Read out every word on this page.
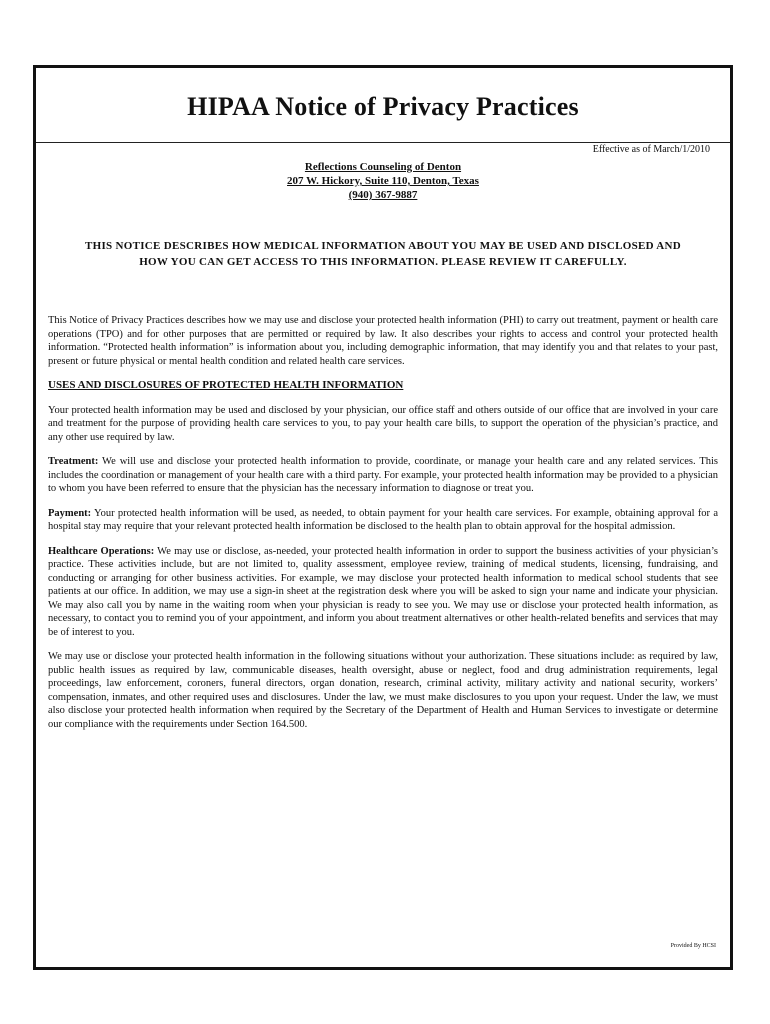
HIPAA Notice of Privacy Practices
Effective as of March/1/2010
Reflections Counseling of Denton
207 W. Hickory, Suite 110, Denton, Texas
(940) 367-9887
THIS NOTICE DESCRIBES HOW MEDICAL INFORMATION ABOUT YOU MAY BE USED AND DISCLOSED AND HOW YOU CAN GET ACCESS TO THIS INFORMATION. PLEASE REVIEW IT CAREFULLY.

This Notice of Privacy Practices describes how we may use and disclose your protected health information (PHI) to carry out treatment, payment or health care operations (TPO) and for other purposes that are permitted or required by law. It also describes your rights to access and control your protected health information. “Protected health information” is information about you, including demographic information, that may identify you and that relates to your past, present or future physical or mental health condition and related health care services.

USES AND DISCLOSURES OF PROTECTED HEALTH INFORMATION

Your protected health information may be used and disclosed by your physician, our office staff and others outside of our office that are involved in your care and treatment for the purpose of providing health care services to you, to pay your health care bills, to support the operation of the physician’s practice, and any other use required by law.

Treatment: We will use and disclose your protected health information to provide, coordinate, or manage your health care and any related services. This includes the coordination or management of your health care with a third party. For example, your protected health information may be provided to a physician to whom you have been referred to ensure that the physician has the necessary information to diagnose or treat you.

Payment: Your protected health information will be used, as needed, to obtain payment for your health care services. For example, obtaining approval for a hospital stay may require that your relevant protected health information be disclosed to the health plan to obtain approval for the hospital admission.

Healthcare Operations: We may use or disclose, as-needed, your protected health information in order to support the business activities of your physician’s practice. These activities include, but are not limited to, quality assessment, employee review, training of medical students, licensing, fundraising, and conducting or arranging for other business activities. For example, we may disclose your protected health information to medical school students that see patients at our office. In addition, we may use a sign-in sheet at the registration desk where you will be asked to sign your name and indicate your physician. We may also call you by name in the waiting room when your physician is ready to see you. We may use or disclose your protected health information, as necessary, to contact you to remind you of your appointment, and inform you about treatment alternatives or other health-related benefits and services that may be of interest to you.

We may use or disclose your protected health information in the following situations without your authorization. These situations include: as required by law, public health issues as required by law, communicable diseases, health oversight, abuse or neglect, food and drug administration requirements, legal proceedings, law enforcement, coroners, funeral directors, organ donation, research, criminal activity, military activity and national security, workers’ compensation, inmates, and other required uses and disclosures. Under the law, we must make disclosures to you upon your request. Under the law, we must also disclose your protected health information when required by the Secretary of the Department of Health and Human Services to investigate or determine our compliance with the requirements under Section 164.500.

Provided By HCSI
